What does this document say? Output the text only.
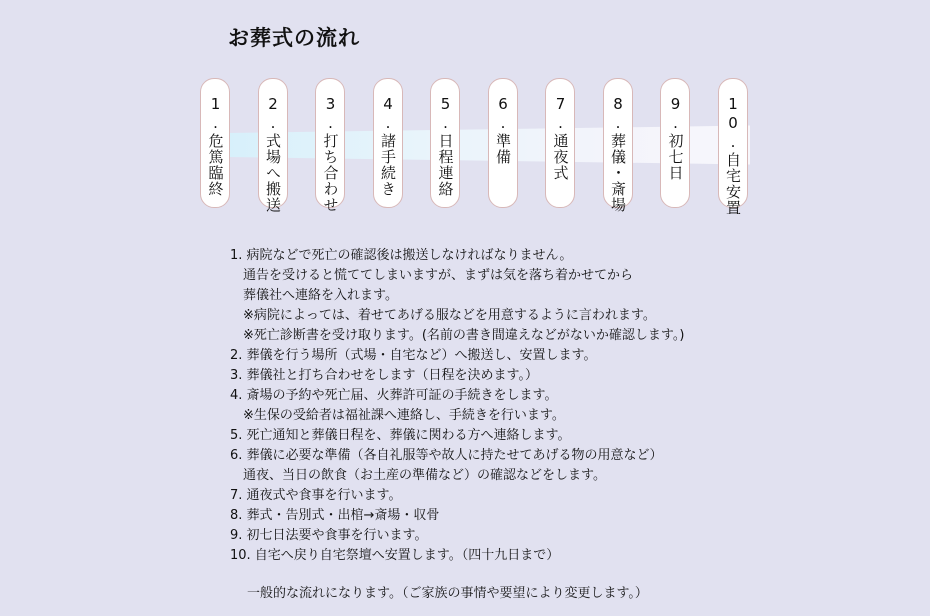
お葬式の流れ
1.危篤臨終	2.式場へ搬送	3.打ち合わせ	4.諸手続き	5.日程連絡	6.準備	7.通夜式	8.葬儀・斎場	9.初七日	10.自宅安置
1. 病院などで死亡の確認後は搬送しなければなりません。
通告を受けると慌ててしまいますが、まずは気を落ち着かせてから
葬儀社へ連絡を入れます。
※病院によっては、着せてあげる服などを用意するように言われます。
※死亡診断書を受け取ります。(名前の書き間違えなどがないか確認します。)
2. 葬儀を行う場所（式場・自宅など）へ搬送し、安置します。
3. 葬儀社と打ち合わせをします（日程を決めます。）
4. 斎場の予約や死亡届、火葬許可証の手続きをします。
※生保の受給者は福祉課へ連絡し、手続きを行います。
5. 死亡通知と葬儀日程を、葬儀に関わる方へ連絡します。
6. 葬儀に必要な準備（各自礼服等や故人に持たせてあげる物の用意など）
通夜、当日の飲食（お土産の準備など）の確認などをします。
7. 通夜式や食事を行います。
8. 葬式・告別式・出棺→斎場・収骨
9. 初七日法要や食事を行います。
10. 自宅へ戻り自宅祭壇へ安置します。（四十九日まで）
一般的な流れになります。（ご家族の事情や要望により変更します。）
